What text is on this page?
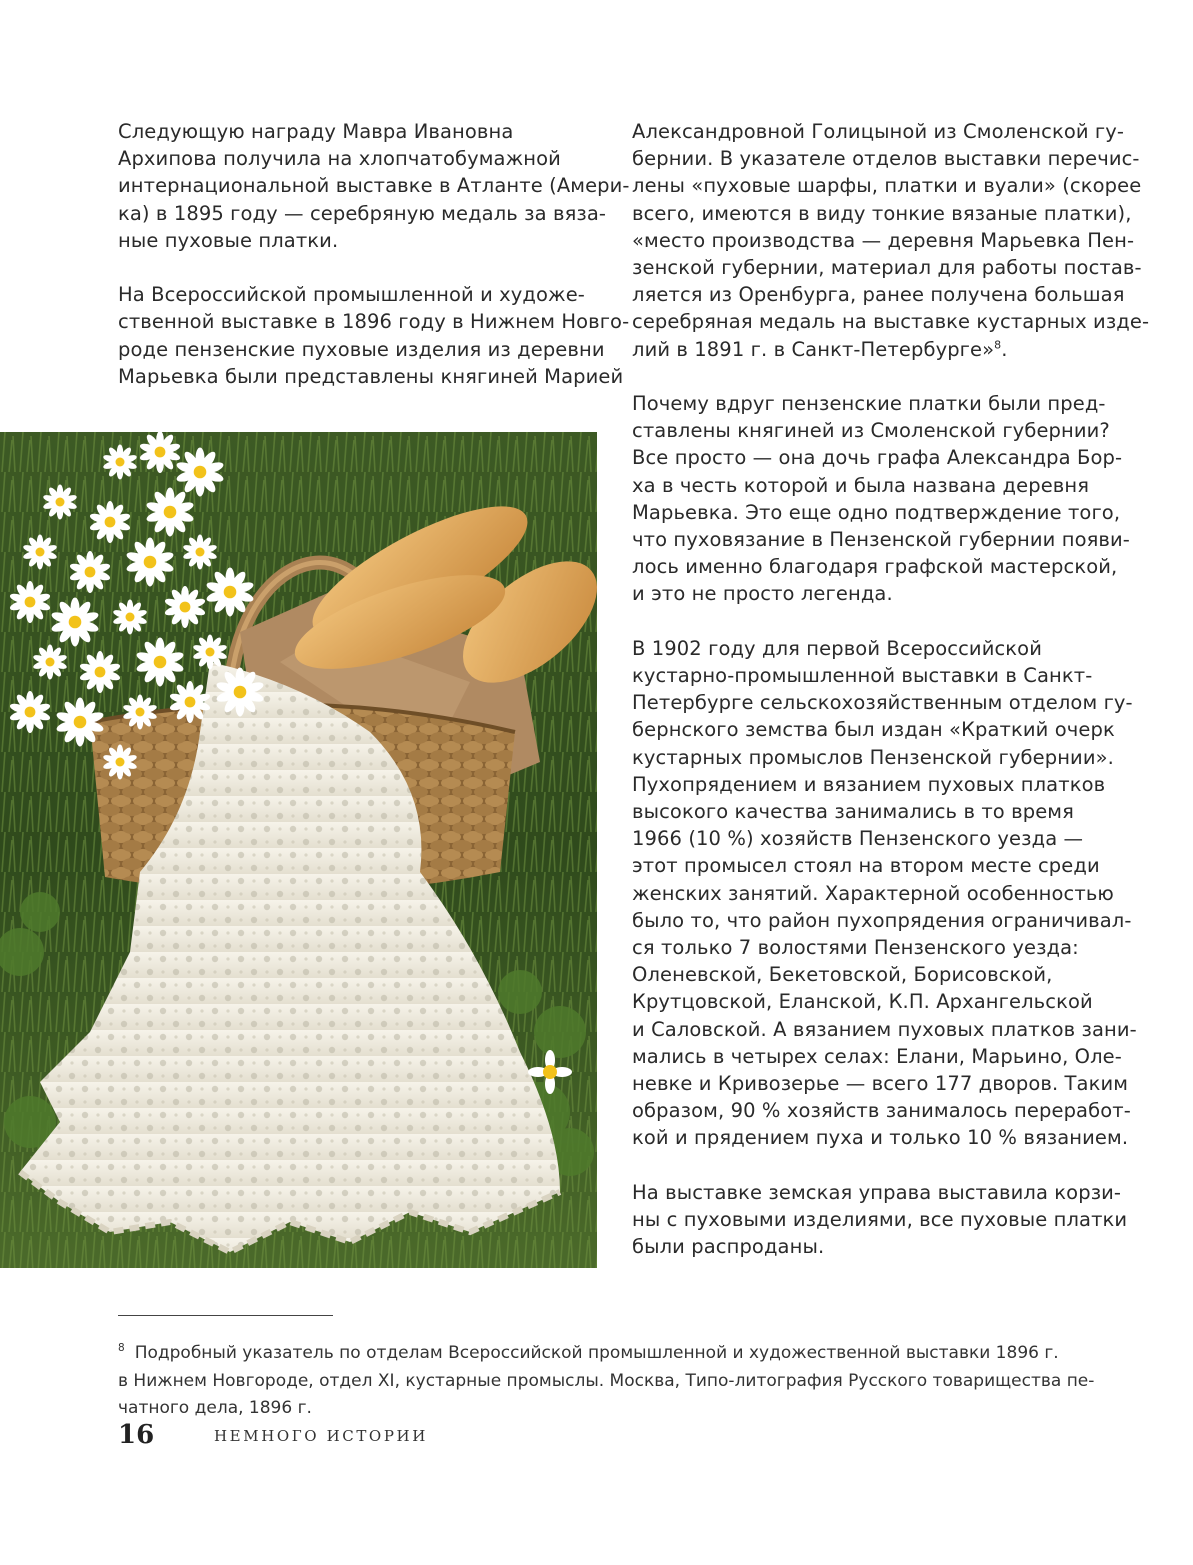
Следующую награду Мавра Ивановна
Архипова получила на хлопчатобумажной
интернациональной выставке в Атланте (Амери-
ка) в 1895 году — серебряную медаль за вяза-
ные пуховые платки.

На Всероссийской промышленной и художе-
ственной выставке в 1896 году в Нижнем Новго-
роде пензенские пуховые изделия из деревни
Марьевка были представлены княгиней Марией

Александровной Голицыной из Смоленской гу-
бернии. В указателе отделов выставки перечис-
лены «пуховые шарфы, платки и вуали» (скорее
всего, имеются в виду тонкие вязаные платки),
«место производства — деревня Марьевка Пен-
зенской губернии, материал для работы постав-
ляется из Оренбурга, ранее получена большая
серебряная медаль на выставке кустарных изде-
лий в 1891 г. в Санкт-Петербурге»$^8$.

Почему вдруг пензенские платки были пред-
ставлены княгиней из Смоленской губернии?
Все просто — она дочь графа Александра Бор-
ха в честь которой и была названа деревня
Марьевка. Это еще одно подтверждение того,
что пуховязание в Пензенской губернии появи-
лось именно благодаря графской мастерской,
и это не просто легенда.

В 1902 году для первой Всероссийской
кустарно-промышленной выставки в Санкт-
Петербурге сельскохозяйственным отделом гу-
бернского земства был издан «Краткий очерк
кустарных промыслов Пензенской губернии».
Пухопрядением и вязанием пуховых платков
высокого качества занимались в то время
1966 (10 %) хозяйств Пензенского уезда —
этот промысел стоял на втором месте среди
женских занятий. Характерной особенностью
было то, что район пухопрядения ограничивал-
ся только 7 волостями Пензенского уезда:
Оленевской, Бекетовской, Борисовской,
Крутцовской, Еланской, К.П. Архангельской
и Саловской. А вязанием пуховых платков зани-
мались в четырех селах: Елани, Марьино, Оле-
невке и Кривозерье — всего 177 дворов. Таким
образом, 90 % хозяйств занималось переработ-
кой и прядением пуха и только 10 % вязанием.

На выставке земская управа выставила корзи-
ны с пуховыми изделиями, все пуховые платки
были распроданы.

$^8$ Подробный указатель по отделам Всероссийской промышленной и художественной выставки 1896 г.
в Нижнем Новгороде, отдел XI, кустарные промыслы. Москва, Типо-литография Русского товарищества пе-
чатного дела, 1896 г.
16	НЕМНОГО ИСТОРИИ
